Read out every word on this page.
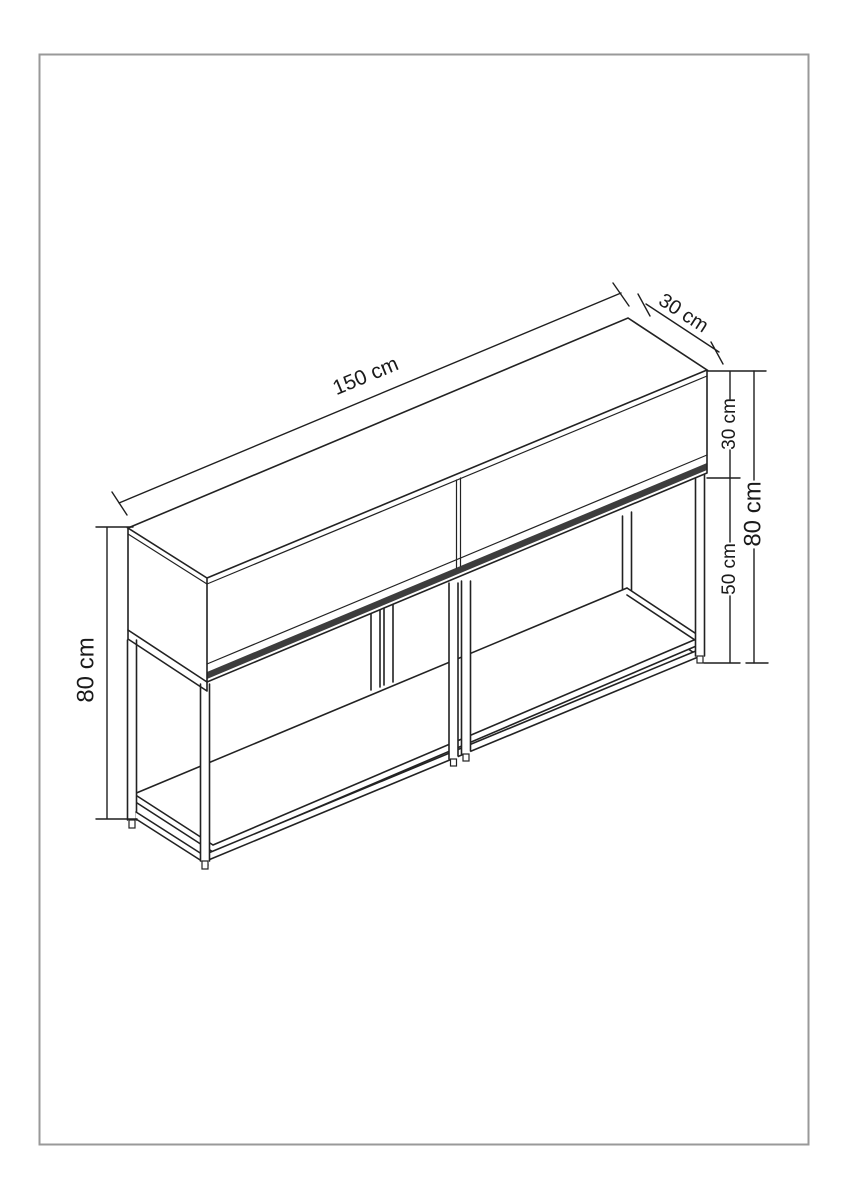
150 cm
30 cm
30 cm
50 cm
80 cm
80 cm
